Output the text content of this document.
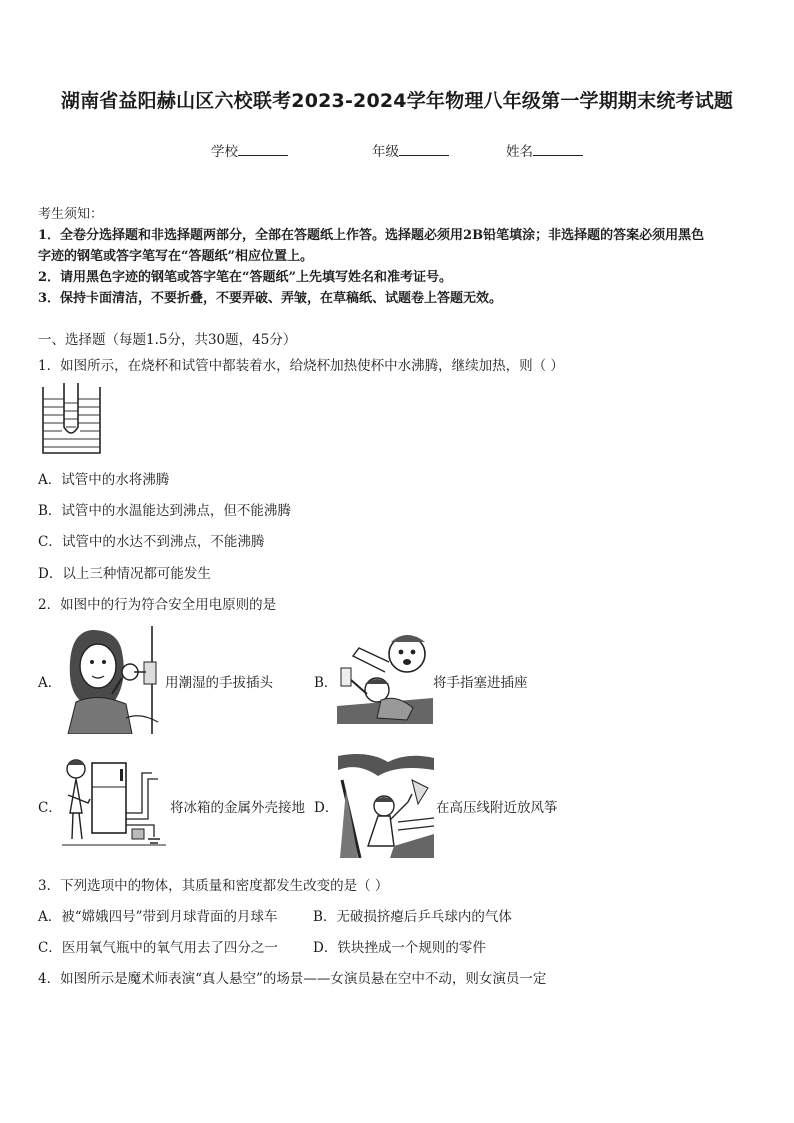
湖南省益阳赫山区六校联考2023-2024学年物理八年级第一学期期末统考试题
学校	年级	姓名
考生须知：
1．全卷分选择题和非选择题两部分，全部在答题纸上作答。选择题必须用2B铅笔填涂；非选择题的答案必须用黑色
字迹的钢笔或答字笔写在“答题纸”相应位置上。
2．请用黑色字迹的钢笔或答字笔在“答题纸”上先填写姓名和准考证号。
3．保持卡面清洁，不要折叠，不要弄破、弄皱，在草稿纸、试题卷上答题无效。
一、选择题（每题1.5分，共30题，45分）
1．如图所示，在烧杯和试管中都装着水，给烧杯加热使杯中水沸腾，继续加热，则（ ）
A．试管中的水将沸腾
B．试管中的水温能达到沸点，但不能沸腾
C．试管中的水达不到沸点，不能沸腾
D．以上三种情况都可能发生
2．如图中的行为符合安全用电原则的是
A．	用潮湿的手拔插头	B．	将手指塞进插座
C．	将冰箱的金属外壳接地 D．	在高压线附近放风筝
3．下列选项中的物体，其质量和密度都发生改变的是（ ）
A．被“嫦娥四号”带到月球背面的月球车	B．无破损挤瘪后乒乓球内的气体
C．医用氧气瓶中的氧气用去了四分之一	D．铁块挫成一个规则的零件
4．如图所示是魔术师表演“真人悬空”的场景——女演员悬在空中不动，则女演员一定
